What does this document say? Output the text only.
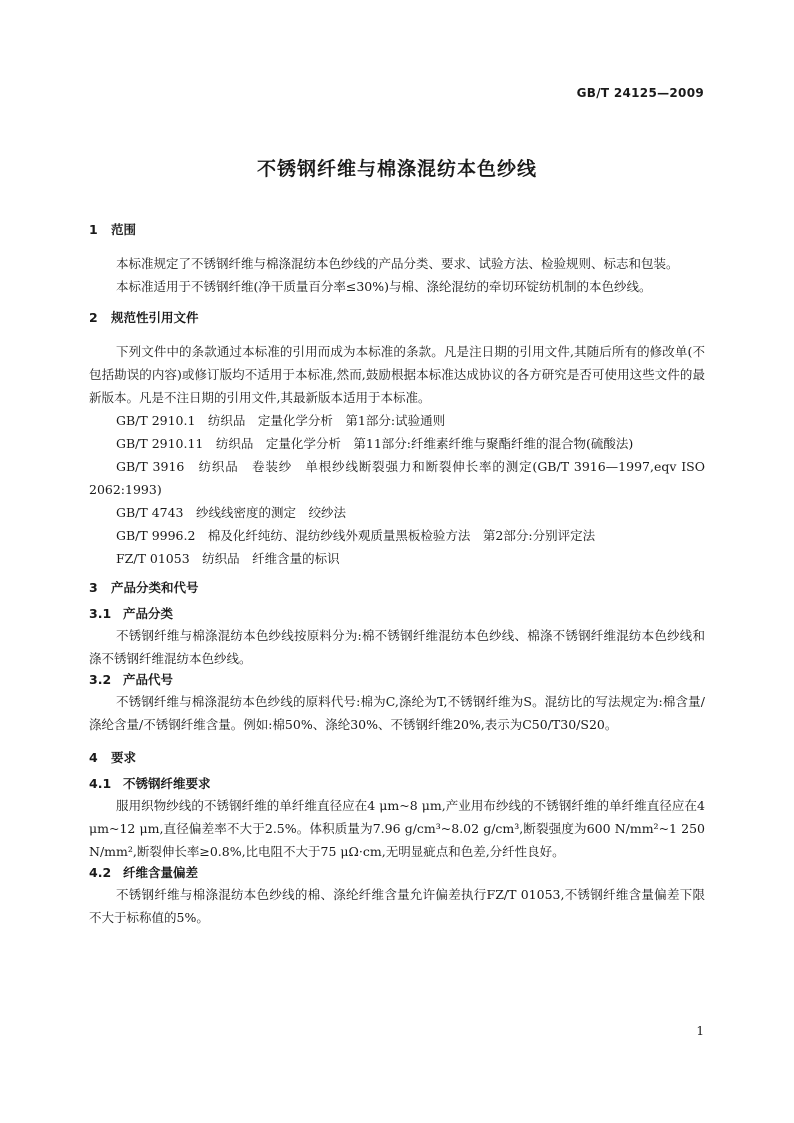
GB/T 24125—2009
不锈钢纤维与棉涤混纺本色纱线
1 范围

本标准规定了不锈钢纤维与棉涤混纺本色纱线的产品分类、要求、试验方法、检验规则、标志和包装。

本标准适用于不锈钢纤维(净干质量百分率≤30%)与棉、涤纶混纺的牵切环锭纺机制的本色纱线。

2 规范性引用文件

下列文件中的条款通过本标准的引用而成为本标准的条款。凡是注日期的引用文件,其随后所有的修改单(不包括勘误的内容)或修订版均不适用于本标准,然而,鼓励根据本标准达成协议的各方研究是否可使用这些文件的最新版本。凡是不注日期的引用文件,其最新版本适用于本标准。

GB/T 2910.1　纺织品　定量化学分析　第1部分:试验通则

GB/T 2910.11　纺织品　定量化学分析　第11部分:纤维素纤维与聚酯纤维的混合物(硫酸法)

GB/T 3916　纺织品　卷装纱　单根纱线断裂强力和断裂伸长率的测定(GB/T 3916—1997,eqv ISO 2062:1993)

GB/T 4743　纱线线密度的测定　绞纱法

GB/T 9996.2　棉及化纤纯纺、混纺纱线外观质量黑板检验方法　第2部分:分别评定法

FZ/T 01053　纺织品　纤维含量的标识

3 产品分类和代号
3.1 产品分类

不锈钢纤维与棉涤混纺本色纱线按原料分为:棉不锈钢纤维混纺本色纱线、棉涤不锈钢纤维混纺本色纱线和涤不锈钢纤维混纺本色纱线。

3.2 产品代号

不锈钢纤维与棉涤混纺本色纱线的原料代号:棉为C,涤纶为T,不锈钢纤维为S。混纺比的写法规定为:棉含量/涤纶含量/不锈钢纤维含量。例如:棉50%、涤纶30%、不锈钢纤维20%,表示为C50/T30/S20。

4 要求
4.1 不锈钢纤维要求

服用织物纱线的不锈钢纤维的单纤维直径应在4 μm~8 μm,产业用布纱线的不锈钢纤维的单纤维直径应在4 μm~12 μm,直径偏差率不大于2.5%。体积质量为7.96 g/cm³~8.02 g/cm³,断裂强度为600 N/mm²~1 250 N/mm²,断裂伸长率≥0.8%,比电阻不大于75 μΩ·cm,无明显疵点和色差,分纤性良好。

4.2 纤维含量偏差

不锈钢纤维与棉涤混纺本色纱线的棉、涤纶纤维含量允许偏差执行FZ/T 01053,不锈钢纤维含量偏差下限不大于标称值的5%。

1
